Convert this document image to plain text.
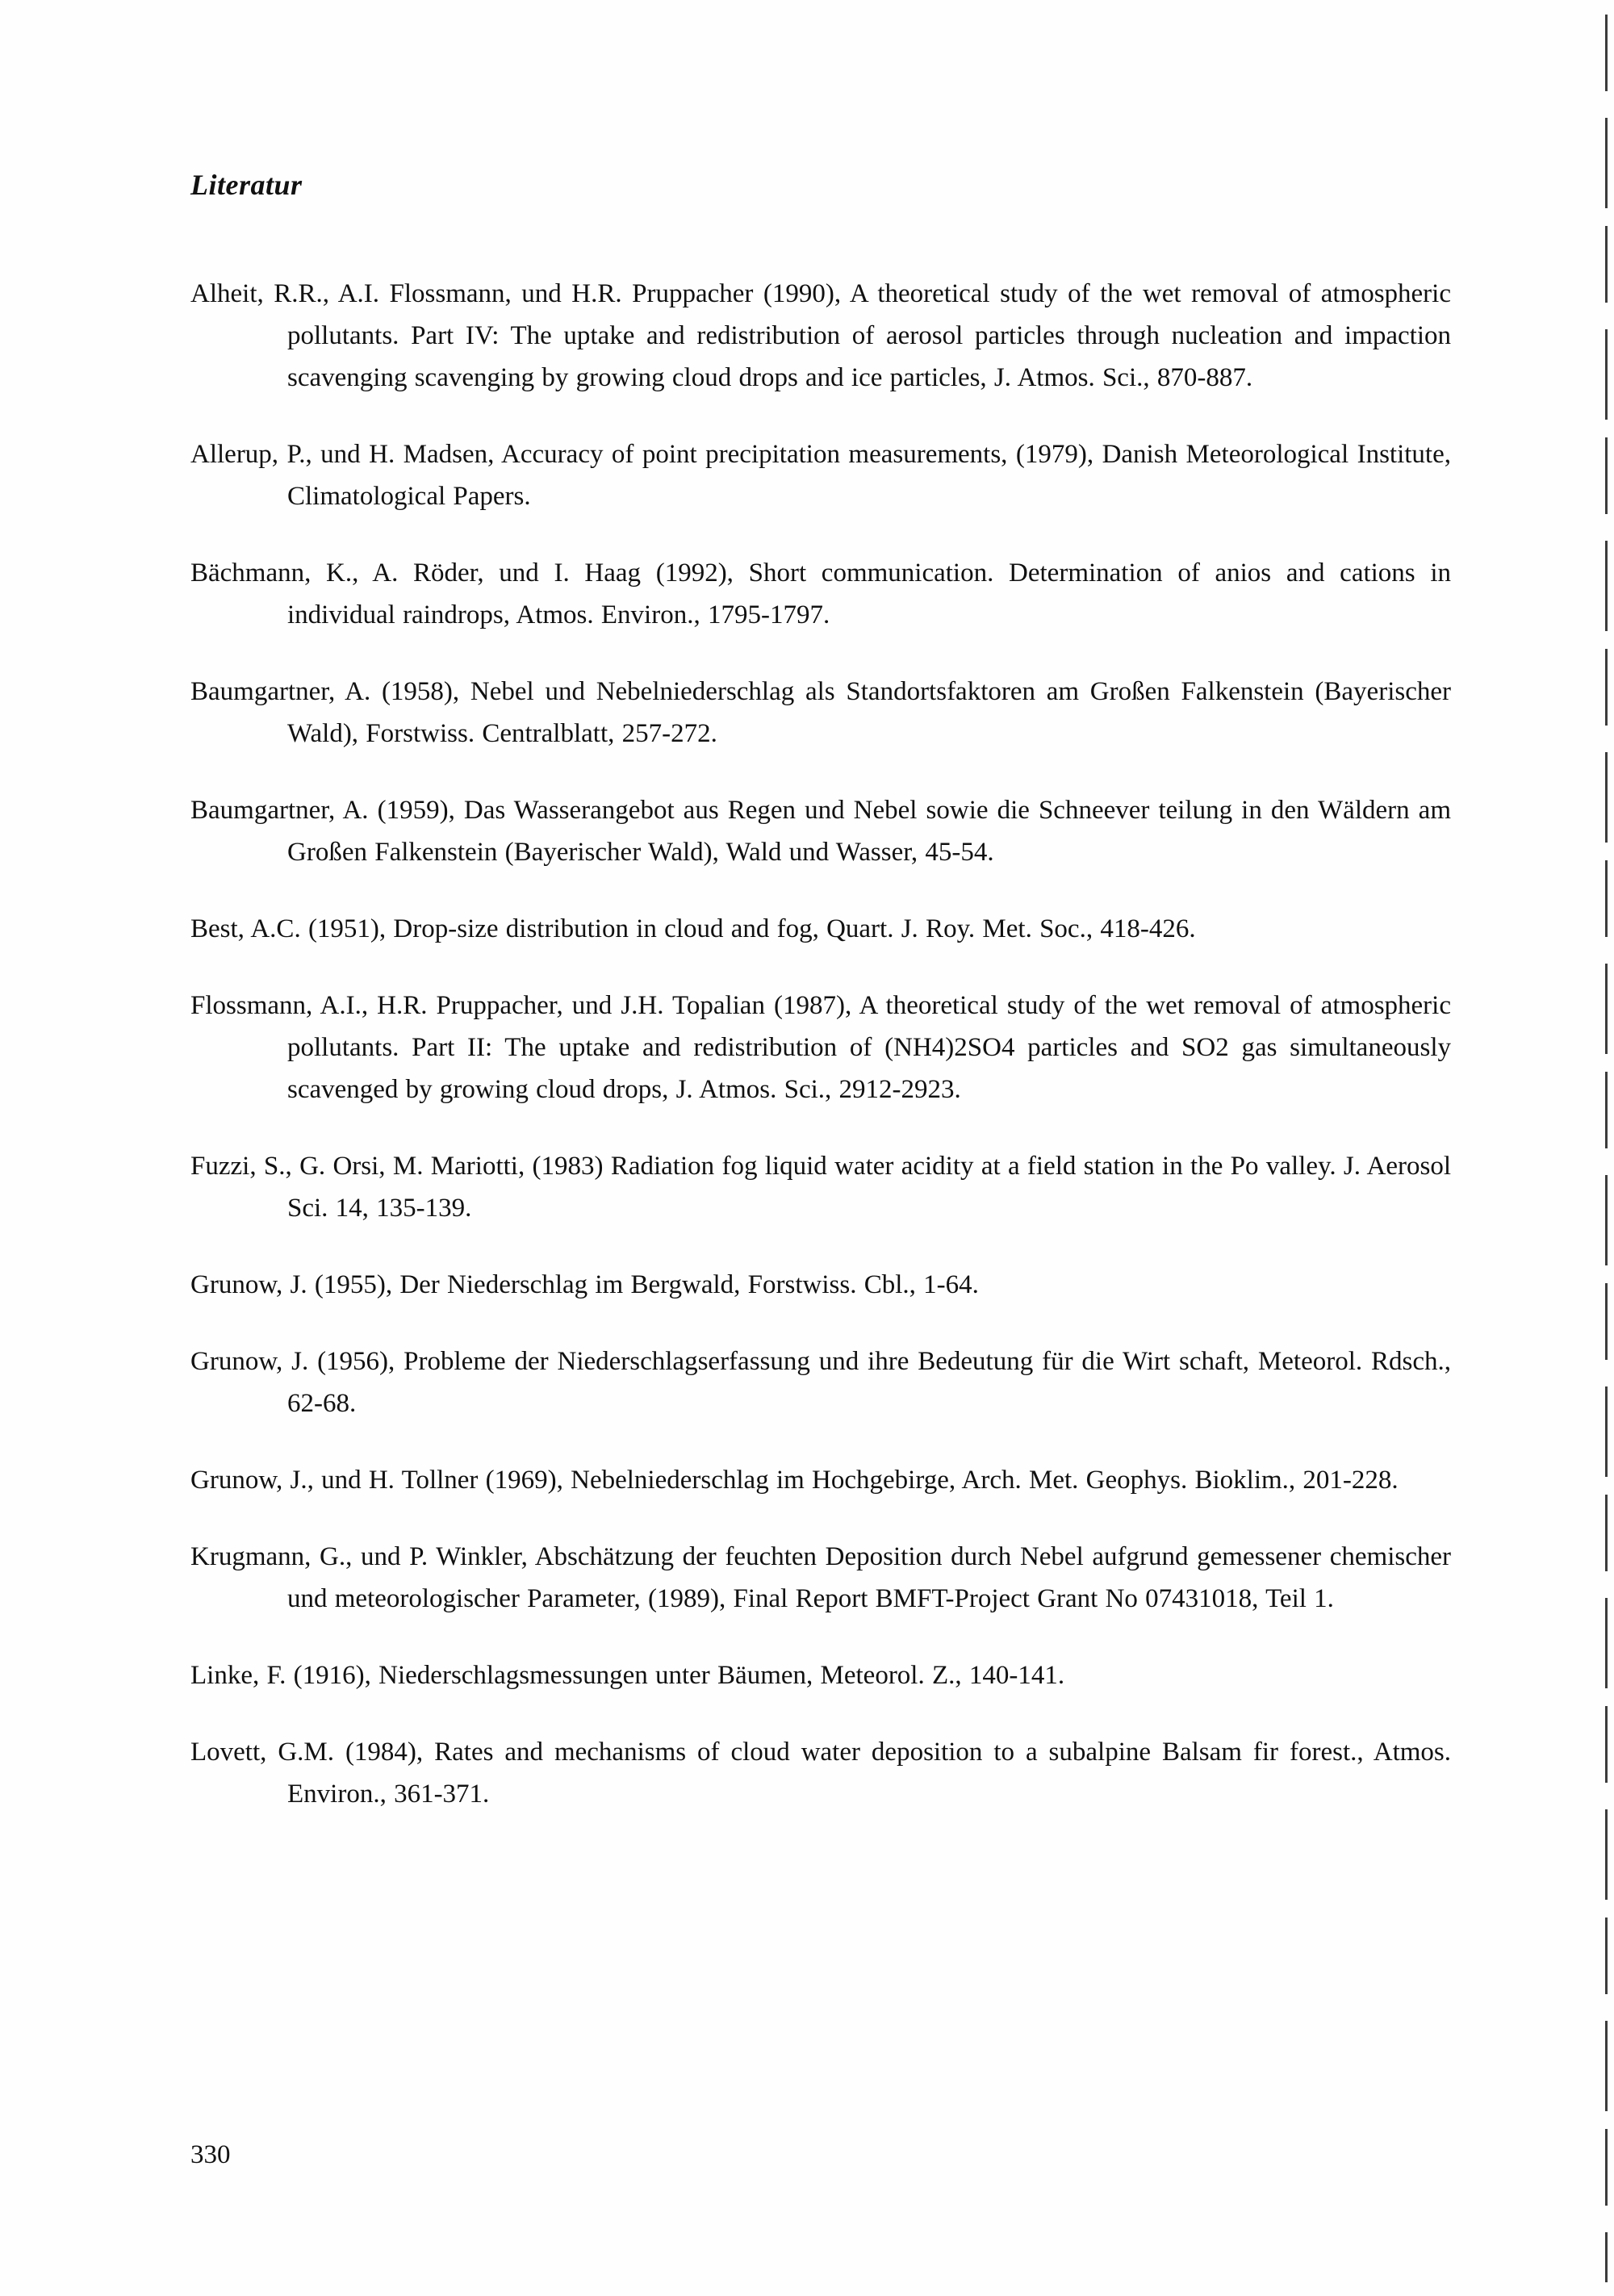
Literatur

Alheit, R.R., A.I. Flossmann, und H.R. Pruppacher (1990), A theoretical study of the wet removal of atmospheric pollutants. Part IV: The uptake and redistribution of aerosol particles through nucleation and impaction scavenging scavenging by growing cloud drops and ice particles, J. Atmos. Sci., 870-887.

Allerup, P., und H. Madsen, Accuracy of point precipitation measurements, (1979), Danish Meteorological Institute, Climatological Papers.

Bächmann, K., A. Röder, und I. Haag (1992), Short communication. Determination of anios and cations in individual raindrops, Atmos. Environ., 1795-1797.

Baumgartner, A. (1958), Nebel und Nebelniederschlag als Standortsfaktoren am Großen Falkenstein (Bayerischer Wald), Forstwiss. Centralblatt, 257-272.

Baumgartner, A. (1959), Das Wasserangebot aus Regen und Nebel sowie die Schneever teilung in den Wäldern am Großen Falkenstein (Bayerischer Wald), Wald und Wasser, 45-54.

Best, A.C. (1951), Drop-size distribution in cloud and fog, Quart. J. Roy. Met. Soc., 418-426.

Flossmann, A.I., H.R. Pruppacher, und J.H. Topalian (1987), A theoretical study of the wet removal of atmospheric pollutants. Part II: The uptake and redistribution of (NH4)2SO4 particles and SO2 gas simultaneously scavenged by growing cloud drops, J. Atmos. Sci., 2912-2923.

Fuzzi, S., G. Orsi, M. Mariotti, (1983) Radiation fog liquid water acidity at a field station in the Po valley. J. Aerosol Sci. 14, 135-139.

Grunow, J. (1955), Der Niederschlag im Bergwald, Forstwiss. Cbl., 1-64.

Grunow, J. (1956), Probleme der Niederschlagserfassung und ihre Bedeutung für die Wirt schaft, Meteorol. Rdsch., 62-68.

Grunow, J., und H. Tollner (1969), Nebelniederschlag im Hochgebirge, Arch. Met. Geophys. Bioklim., 201-228.

Krugmann, G., und P. Winkler, Abschätzung der feuchten Deposition durch Nebel aufgrund gemessener chemischer und meteorologischer Parameter, (1989), Final Report BMFT-Project Grant No 07431018, Teil 1.

Linke, F. (1916), Niederschlagsmessungen unter Bäumen, Meteorol. Z., 140-141.

Lovett, G.M. (1984), Rates and mechanisms of cloud water deposition to a subalpine Balsam fir forest., Atmos. Environ., 361-371.

330
